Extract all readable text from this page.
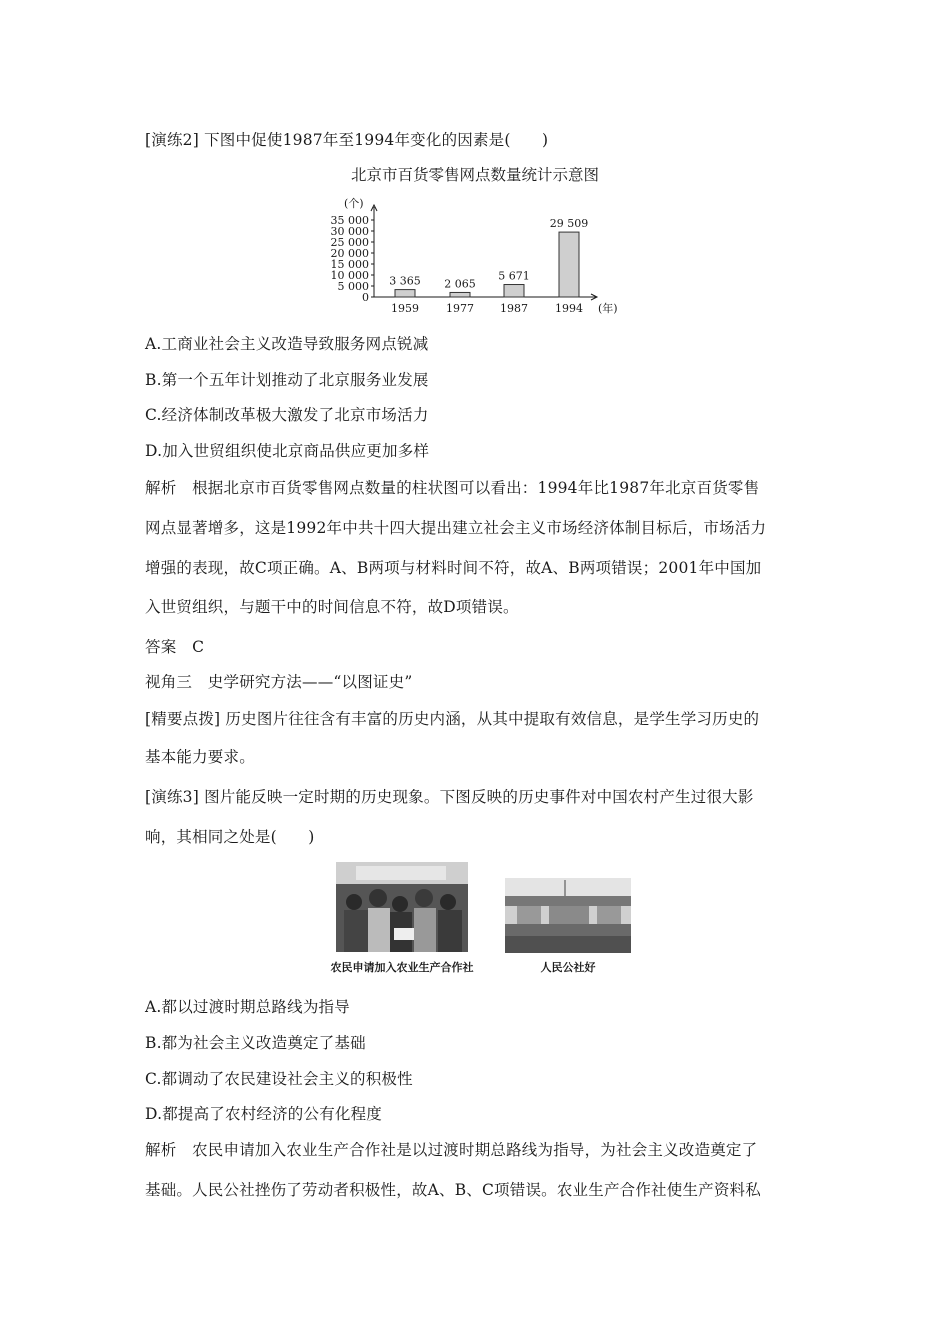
[演练2] 下图中促使1987年至1994年变化的因素是(　　)
北京市百货零售网点数量统计示意图
(个)
35 000
30 000
25 000
20 000
15 000
10 000
5 000
0
3 365
1959
2 065
1977
5 671
1987
29 509
1994 (年)
A.工商业社会主义改造导致服务网点锐减
B.第一个五年计划推动了北京服务业发展
C.经济体制改革极大激发了北京市场活力
D.加入世贸组织使北京商品供应更加多样
解析　根据北京市百货零售网点数量的柱状图可以看出：1994年比1987年北京百货零售
网点显著增多，这是1992年中共十四大提出建立社会主义市场经济体制目标后，市场活力
增强的表现，故C项正确。A、B两项与材料时间不符，故A、B两项错误；2001年中国加
入世贸组织，与题干中的时间信息不符，故D项错误。
答案　C
视角三　史学研究方法——“以图证史”
[精要点拨] 历史图片往往含有丰富的历史内涵，从其中提取有效信息，是学生学习历史的
基本能力要求。
[演练3] 图片能反映一定时期的历史现象。下图反映的历史事件对中国农村产生过很大影
响，其相同之处是(　　)
农民申请加入农业生产合作社	人民公社好
A.都以过渡时期总路线为指导
B.都为社会主义改造奠定了基础
C.都调动了农民建设社会主义的积极性
D.都提高了农村经济的公有化程度
解析　农民申请加入农业生产合作社是以过渡时期总路线为指导，为社会主义改造奠定了
基础。人民公社挫伤了劳动者积极性，故A、B、C项错误。农业生产合作社使生产资料私
